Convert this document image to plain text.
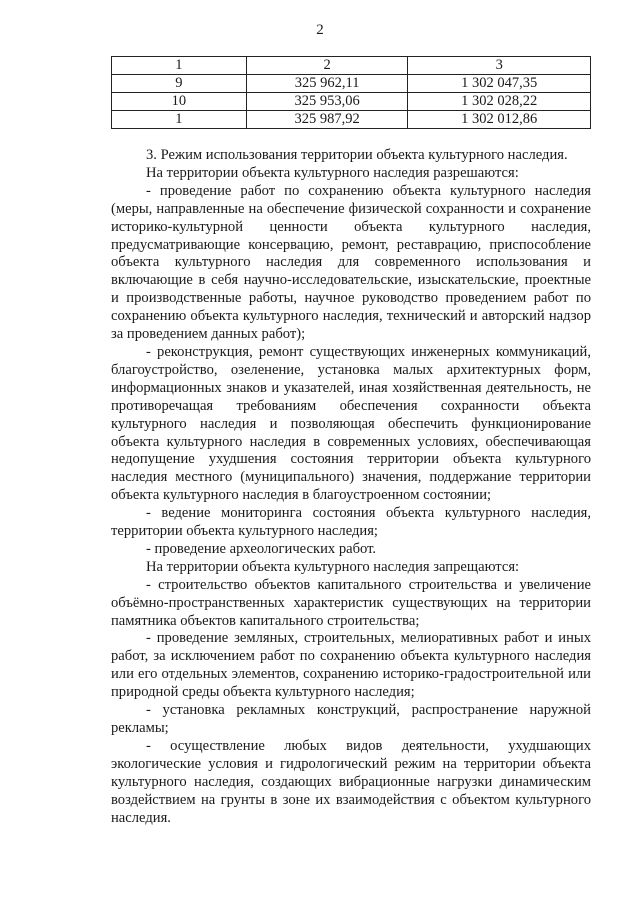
2
1	2	3
9	325 962,11	1 302 047,35
10	325 953,06	1 302 028,22
1	325 987,92	1 302 012,86

3. Режим использования территории объекта культурного наследия.

На территории объекта культурного наследия разрешаются:

- проведение работ по сохранению объекта культурного наследия (меры, направленные на обеспечение физической сохранности и сохранение историко-культурной ценности объекта культурного наследия, предусматривающие консервацию, ремонт, реставрацию, приспособление объекта культурного наследия для современного использования и включающие в себя научно-исследовательские, изыскательские, проектные и производственные работы, научное руководство проведением работ по сохранению объекта культурного наследия, технический и авторский надзор за проведением данных работ);

- реконструкция, ремонт существующих инженерных коммуникаций, благоустройство, озеленение, установка малых архитектурных форм, информационных знаков и указателей, иная хозяйственная деятельность, не противоречащая требованиям обеспечения сохранности объекта культурного наследия и позволяющая обеспечить функционирование объекта культурного наследия в современных условиях, обеспечивающая недопущение ухудшения состояния территории объекта культурного наследия местного (муниципального) значения, поддержание территории объекта культурного наследия в благоустроенном состоянии;

- ведение мониторинга состояния объекта культурного наследия, территории объекта культурного наследия;

- проведение археологических работ.

На территории объекта культурного наследия запрещаются:

- строительство объектов капитального строительства и увеличение объёмно-пространственных характеристик существующих на территории памятника объектов капитального строительства;

- проведение земляных, строительных, мелиоративных работ и иных работ, за исключением работ по сохранению объекта культурного наследия или его отдельных элементов, сохранению историко-градостроительной или природной среды объекта культурного наследия;

- установка рекламных конструкций, распространение наружной рекламы;

- осуществление любых видов деятельности, ухудшающих экологические условия и гидрологический режим на территории объекта культурного наследия, создающих вибрационные нагрузки динамическим воздействием на грунты в зоне их взаимодействия с объектом культурного наследия.
